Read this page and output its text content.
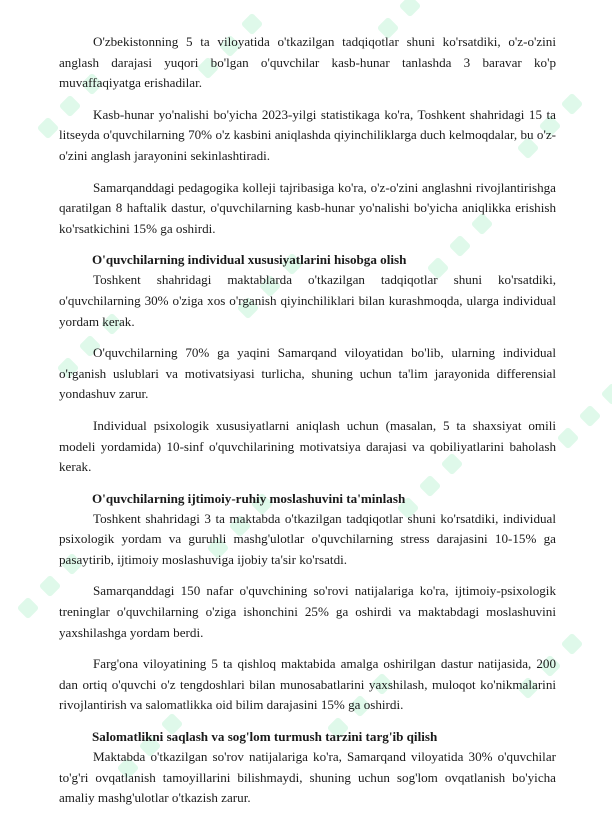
O'zbekistonning 5 ta viloyatida o'tkazilgan tadqiqotlar shuni ko'rsatdiki, o'z-o'zini anglash darajasi yuqori bo'lgan o'quvchilar kasb-hunar tanlashda 3 baravar ko'p muvaffaqiyatga erishadilar.

Kasb-hunar yo'nalishi bo'yicha 2023-yilgi statistikaga ko'ra, Toshkent shahridagi 15 ta litseyda o'quvchilarning 70% o'z kasbini aniqlashda qiyinchiliklarga duch kelmoqdalar, bu o'z-o'zini anglash jarayonini sekinlashtiradi.

Samarqanddagi pedagogika kolleji tajribasiga ko'ra, o'z-o'zini anglashni rivojlantirishga qaratilgan 8 haftalik dastur, o'quvchilarning kasb-hunar yo'nalishi bo'yicha aniqlikka erishish ko'rsatkichini 15% ga oshirdi.

O'quvchilarning individual xususiyatlarini hisobga olish

Toshkent shahridagi maktablarda o'tkazilgan tadqiqotlar shuni ko'rsatdiki, o'quvchilarning 30% o'ziga xos o'rganish qiyinchiliklari bilan kurashmoqda, ularga individual yordam kerak.

O'quvchilarning 70% ga yaqini Samarqand viloyatidan bo'lib, ularning individual o'rganish uslublari va motivatsiyasi turlicha, shuning uchun ta'lim jarayonida differensial yondashuv zarur.

Individual psixologik xususiyatlarni aniqlash uchun (masalan, 5 ta shaxsiyat omili modeli yordamida) 10-sinf o'quvchilarining motivatsiya darajasi va qobiliyatlarini baholash kerak.

O'quvchilarning ijtimoiy-ruhiy moslashuvini ta'minlash

Toshkent shahridagi 3 ta maktabda o'tkazilgan tadqiqotlar shuni ko'rsatdiki, individual psixologik yordam va guruhli mashg'ulotlar o'quvchilarning stress darajasini 10-15% ga pasaytirib, ijtimoiy moslashuviga ijobiy ta'sir ko'rsatdi.

Samarqanddagi 150 nafar o'quvchining so'rovi natijalariga ko'ra, ijtimoiy-psixologik treninglar o'quvchilarning o'ziga ishonchini 25% ga oshirdi va maktabdagi moslashuvini yaxshilashga yordam berdi.

Farg'ona viloyatining 5 ta qishloq maktabida amalga oshirilgan dastur natijasida, 200 dan ortiq o'quvchi o'z tengdoshlari bilan munosabatlarini yaxshilash, muloqot ko'nikmalarini rivojlantirish va salomatlikka oid bilim darajasini 15% ga oshirdi.

Salomatlikni saqlash va sog'lom turmush tarzini targ'ib qilish

Maktabda o'tkazilgan so'rov natijalariga ko'ra, Samarqand viloyatida 30% o'quvchilar to'g'ri ovqatlanish tamoyillarini bilishmaydi, shuning uchun sog'lom ovqatlanish bo'yicha amaliy mashg'ulotlar o'tkazish zarur.
